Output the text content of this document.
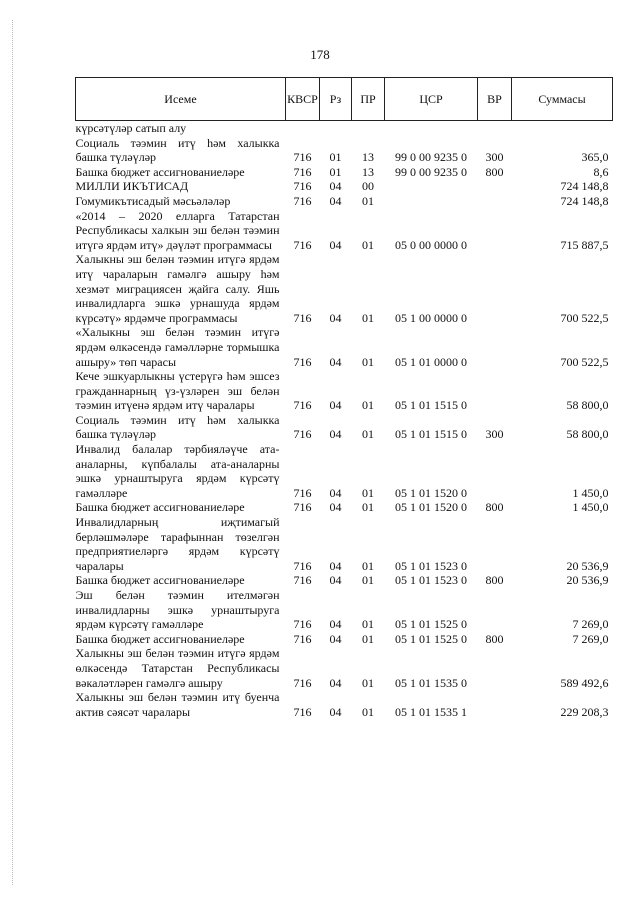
178
Исеме	КВСР	Рз	ПР	ЦСР	ВР	Суммасы
күрсәтүләр сатып алу						
Социаль тәэмин итү һәм халыкка башка түләүләр	716	01	13	99 0 00 9235 0	300	365,0
Башка бюджет ассигнованиеләре	716	01	13	99 0 00 9235 0	800	8,6
МИЛЛИ ИКЪТИСАД	716	04	00			724 148,8
Гомумикътисадый мәсьәләләр	716	04	01			724 148,8
«2014 – 2020 елларга Татарстан Республикасы халкын эш белән тәэмин итүгә ярдәм итү» дәүләт программасы	716	04	01	05 0 00 0000 0		715 887,5
Халыкны эш белән тәэмин итүгә ярдәм итү чараларын гамәлгә ашыру һәм хезмәт миграциясен җайга салу. Яшь инвалидларга эшкә урнашуда ярдәм күрсәтү» ярдәмче программасы	716	04	01	05 1 00 0000 0		700 522,5
«Халыкны эш белән тәэмин итүгә ярдәм өлкәсендә гамәлләрне тормышка ашыру» төп чарасы	716	04	01	05 1 01 0000 0		700 522,5
Кече эшкуарлыкны үстерүгә һәм эшсез гражданнарның үз-үзләрен эш белән тәэмин итүенә ярдәм итү чаралары	716	04	01	05 1 01 1515 0		58 800,0
Социаль тәэмин итү һәм халыкка башка түләүләр	716	04	01	05 1 01 1515 0	300	58 800,0
Инвалид балалар тәрбияләүче ата-аналарны, күпбалалы ата-аналарны эшкә урнаштыруга ярдәм күрсәтү гамәлләре	716	04	01	05 1 01 1520 0		1 450,0
Башка бюджет ассигнованиеләре	716	04	01	05 1 01 1520 0	800	1 450,0
Инвалидларның иҗтимагый берләшмәләре тарафыннан төзелгән предприятиеләргә ярдәм күрсәтү чаралары	716	04	01	05 1 01 1523 0		20 536,9
Башка бюджет ассигнованиеләре	716	04	01	05 1 01 1523 0	800	20 536,9
Эш белән тәэмин ителмәгән инвалидларны эшкә урнаштыруга ярдәм күрсәтү гамәлләре	716	04	01	05 1 01 1525 0		7 269,0
Башка бюджет ассигнованиеләре	716	04	01	05 1 01 1525 0	800	7 269,0
Халыкны эш белән тәэмин итүгә ярдәм өлкәсендә Татарстан Республикасы вәкаләтләрен гамәлгә ашыру	716	04	01	05 1 01 1535 0		589 492,6
Халыкны эш белән тәэмин итү буенча актив сәясәт чаралары	716	04	01	05 1 01 1535 1		229 208,3
